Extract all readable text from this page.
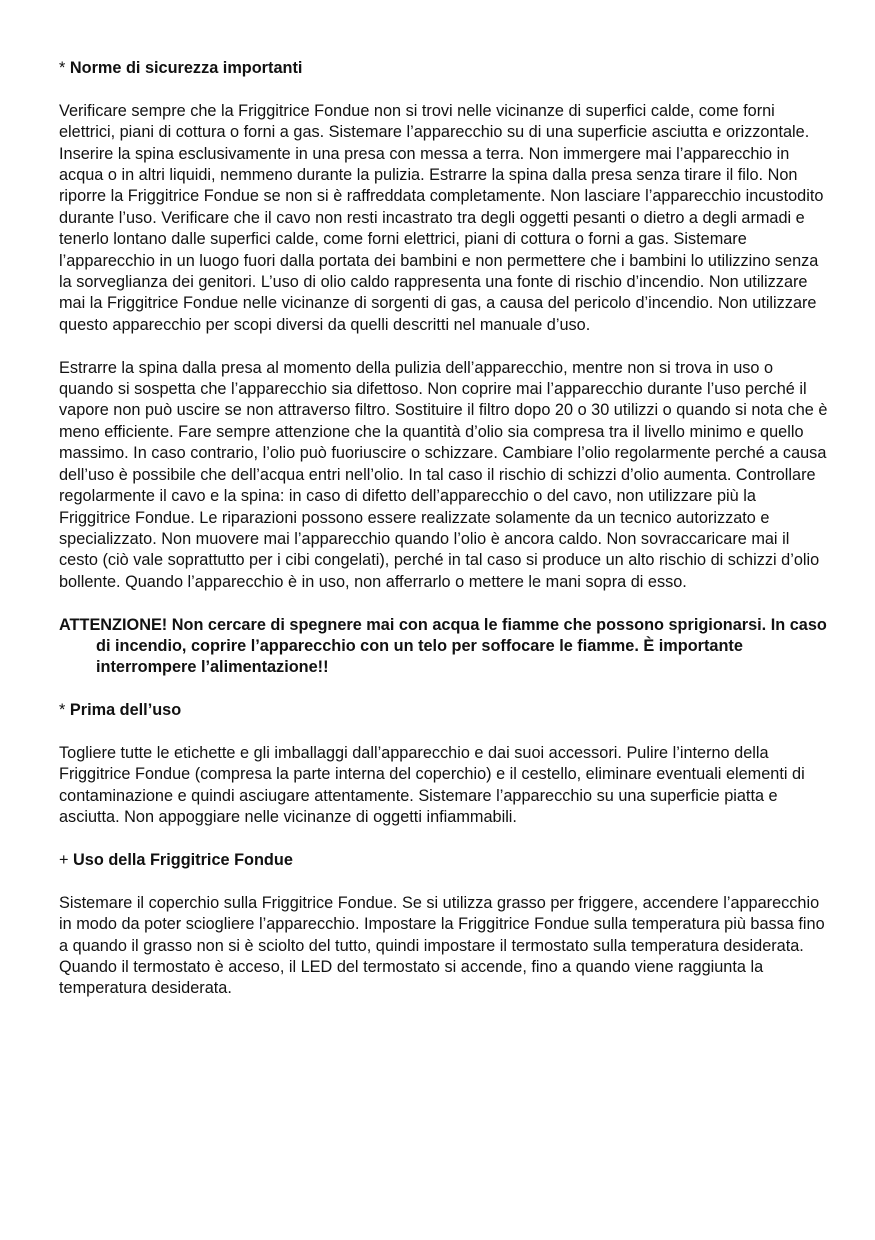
* Norme di sicurezza importanti

Verificare sempre che la Friggitrice Fondue non si trovi nelle vicinanze di superfici calde, come forni elettrici, piani di cottura o forni a gas. Sistemare l’apparecchio su di una superficie asciutta e orizzontale. Inserire la spina esclusivamente in una presa con messa a terra. Non immergere mai l’apparecchio in acqua o in altri liquidi, nemmeno durante la pulizia. Estrarre la spina dalla presa senza tirare il filo. Non riporre la Friggitrice Fondue se non si è raffreddata completamente. Non lasciare l’apparecchio incustodito durante l’uso. Verificare che il cavo non resti incastrato tra degli oggetti pesanti o dietro a degli armadi e tenerlo lontano dalle superfici calde, come forni elettrici, piani di cottura o forni a gas. Sistemare l’apparecchio in un luogo fuori dalla portata dei bambini e non permettere che i bambini lo utilizzino senza la sorveglianza dei genitori. L’uso di olio caldo rappresenta una fonte di rischio d’incendio. Non utilizzare mai la Friggitrice Fondue nelle vicinanze di sorgenti di gas, a causa del pericolo d’incendio. Non utilizzare questo apparecchio per scopi diversi da quelli descritti nel manuale d’uso.

Estrarre la spina dalla presa al momento della pulizia dell’apparecchio, mentre non si trova in uso o quando si sospetta che l’apparecchio sia difettoso. Non coprire mai l’apparecchio durante l’uso perché il vapore non può uscire se non attraverso filtro. Sostituire il filtro dopo 20 o 30 utilizzi o quando si nota che è meno efficiente. Fare sempre attenzione che la quantità d’olio sia compresa tra il livello minimo e quello massimo. In caso contrario, l’olio può fuoriuscire o schizzare. Cambiare l’olio regolarmente perché a causa dell’uso è possibile che dell’acqua entri nell’olio. In tal caso il rischio di schizzi d’olio aumenta. Controllare regolarmente il cavo e la spina: in caso di difetto dell’apparecchio o del cavo, non utilizzare più la Friggitrice Fondue. Le riparazioni possono essere realizzate solamente da un tecnico autorizzato e specializzato. Non muovere mai l’apparecchio quando l’olio è ancora caldo. Non sovraccaricare mai il cesto (ciò vale soprattutto per i cibi congelati), perché in tal caso si produce un alto rischio di schizzi d’olio bollente. Quando l’apparecchio è in uso, non afferrarlo o mettere le mani sopra di esso.

ATTENZIONE! Non cercare di spegnere mai con acqua le fiamme che possono sprigionarsi. In caso di incendio, coprire l’apparecchio con un telo per soffocare le fiamme. È importante interrompere l’alimentazione!!

* Prima dell’uso

Togliere tutte le etichette e gli imballaggi dall’apparecchio e dai suoi accessori. Pulire l’interno della Friggitrice Fondue (compresa la parte interna del coperchio) e il cestello, eliminare eventuali elementi di contaminazione e quindi asciugare attentamente. Sistemare l’apparecchio su una superficie piatta e asciutta. Non appoggiare nelle vicinanze di oggetti infiammabili.

+ Uso della Friggitrice Fondue

Sistemare il coperchio sulla Friggitrice Fondue. Se si utilizza grasso per friggere, accendere l’apparecchio in modo da poter sciogliere l’apparecchio. Impostare la Friggitrice Fondue sulla temperatura più bassa fino a quando il grasso non si è sciolto del tutto, quindi impostare il termostato sulla temperatura desiderata. Quando il termostato è acceso, il LED del termostato si accende, fino a quando viene raggiunta la temperatura desiderata.
